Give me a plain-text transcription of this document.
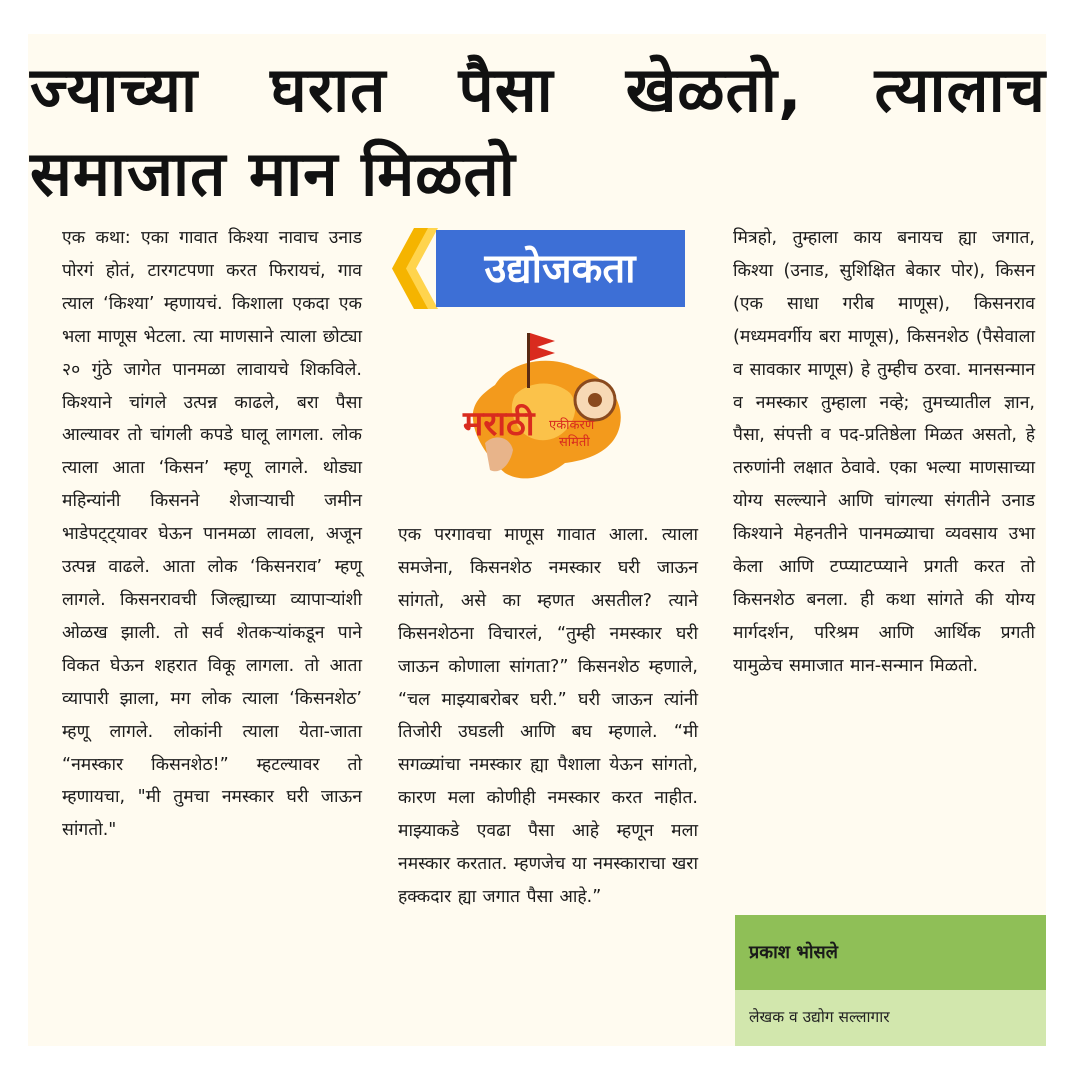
ज्याच्या घरात पैसा खेळतो, त्यालाच समाजात मान मिळतो

एक कथा: एका गावात किश्या नावाच उनाड पोरगं होतं, टारगटपणा करत फिरायचं, गाव त्याल ‘किश्या’ म्हणायचं. किशाला एकदा एक भला माणूस भेटला. त्या माणसाने त्याला छोट्या २० गुंठे जागेत पानमळा लावायचे शिकविले. किश्याने चांगले उत्पन्न काढले, बरा पैसा आल्यावर तो चांगली कपडे घालू लागला. लोक त्याला आता ‘किसन’ म्हणू लागले. थोड्या महिन्यांनी किसनने शेजाऱ्याची जमीन भाडेपट्ट्यावर घेऊन पानमळा लावला, अजून उत्पन्न वाढले. आता लोक ‘किसनराव’ म्हणू लागले. किसनरावची जिल्ह्याच्या व्यापाऱ्यांशी ओळख झाली. तो सर्व शेतकऱ्यांकडून पाने विकत घेऊन शहरात विकू लागला. तो आता व्यापारी झाला, मग लोक त्याला ‘किसनशेठ’ म्हणू लागले. लोकांनी त्याला येता-जाता “नमस्कार किसनशेठ!” म्हटल्यावर तो म्हणायचा, "मी तुमचा नमस्कार घरी जाऊन सांगतो."

उद्योजकता
मराठी एकीकरण
समिती

एक परगावचा माणूस गावात आला. त्याला समजेना, किसनशेठ नमस्कार घरी जाऊन सांगतो, असे का म्हणत असतील? त्याने किसनशेठना विचारलं, “तुम्ही नमस्कार घरी जाऊन कोणाला सांगता?” किसनशेठ म्हणाले, “चल माझ्याबरोबर घरी.” घरी जाऊन त्यांनी तिजोरी उघडली आणि बघ म्हणाले. “मी सगळ्यांचा नमस्कार ह्या पैशाला येऊन सांगतो, कारण मला कोणीही नमस्कार करत नाहीत. माझ्याकडे एवढा पैसा आहे म्हणून मला नमस्कार करतात. म्हणजेच या नमस्काराचा खरा हक्कदार ह्या जगात पैसा आहे.”

मित्रहो, तुम्हाला काय बनायच ह्या जगात, किश्या (उनाड, सुशिक्षित बेकार पोर), किसन (एक साधा गरीब माणूस), किसनराव (मध्यमवर्गीय बरा माणूस), किसनशेठ (पैसेवाला व सावकार माणूस) हे तुम्हीच ठरवा. मानसन्मान व नमस्कार तुम्हाला नव्हे; तुमच्यातील ज्ञान, पैसा, संपत्ती व पद-प्रतिष्ठेला मिळत असतो, हे तरुणांनी लक्षात ठेवावे. एका भल्या माणसाच्या योग्य सल्ल्याने आणि चांगल्या संगतीने उनाड किश्याने मेहनतीने पानमळ्याचा व्यवसाय उभा केला आणि टप्प्याटप्प्याने प्रगती करत तो किसनशेठ बनला. ही कथा सांगते की योग्य मार्गदर्शन, परिश्रम आणि आर्थिक प्रगती यामुळेच समाजात मान-सन्मान मिळतो.

प्रकाश भोसले
लेखक व उद्योग सल्लागार
